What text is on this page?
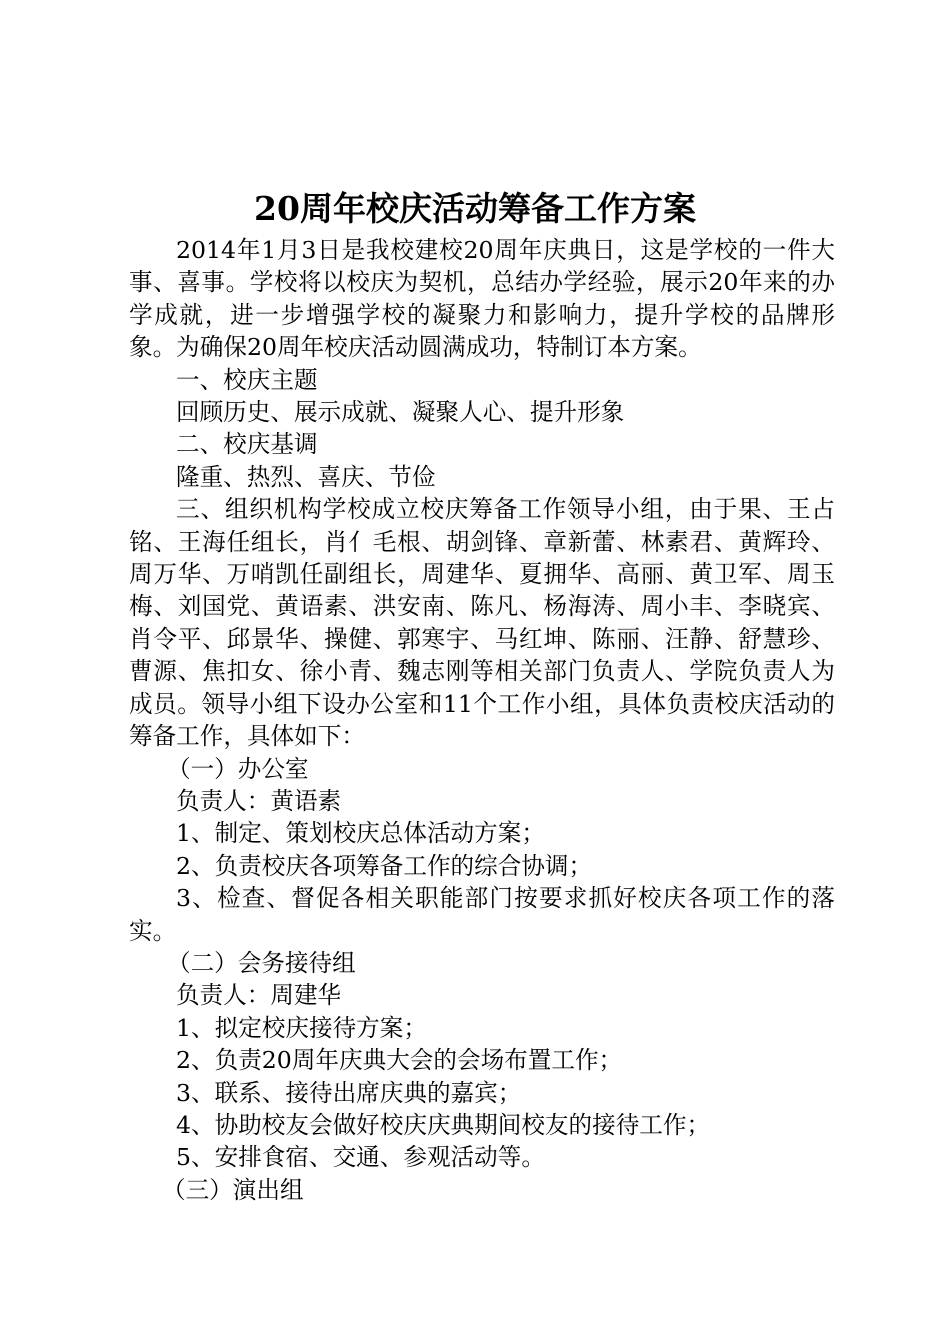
20周年校庆活动筹备工作方案

2014年1月3日是我校建校20周年庆典日，这是学校的一件大事、喜事。学校将以校庆为契机，总结办学经验，展示20年来的办学成就，进一步增强学校的凝聚力和影响力，提升学校的品牌形象。为确保20周年校庆活动圆满成功，特制订本方案。

一、校庆主题

回顾历史、展示成就、凝聚人心、提升形象

二、校庆基调

隆重、热烈、喜庆、节俭

三、组织机构学校成立校庆筹备工作领导小组，由于果、王占铭、王海任组长，肖亻毛根、胡剑锋、章新蕾、林素君、黄辉玲、周万华、万哨凯任副组长，周建华、夏拥华、高丽、黄卫军、周玉梅、刘国党、黄语素、洪安南、陈凡、杨海涛、周小丰、李晓宾、肖令平、邱景华、操健、郭寒宇、马红坤、陈丽、汪静、舒慧珍、曹源、焦扣女、徐小青、魏志刚等相关部门负责人、学院负责人为成员。领导小组下设办公室和11个工作小组，具体负责校庆活动的筹备工作，具体如下：

（一）办公室

负责人：黄语素

1、制定、策划校庆总体活动方案；

2、负责校庆各项筹备工作的综合协调；

3、检查、督促各相关职能部门按要求抓好校庆各项工作的落实。

（二）会务接待组

负责人：周建华

1、拟定校庆接待方案；

2、负责20周年庆典大会的会场布置工作；

3、联系、接待出席庆典的嘉宾；

4、协助校友会做好校庆庆典期间校友的接待工作；

5、安排食宿、交通、参观活动等。

（三）演出组
